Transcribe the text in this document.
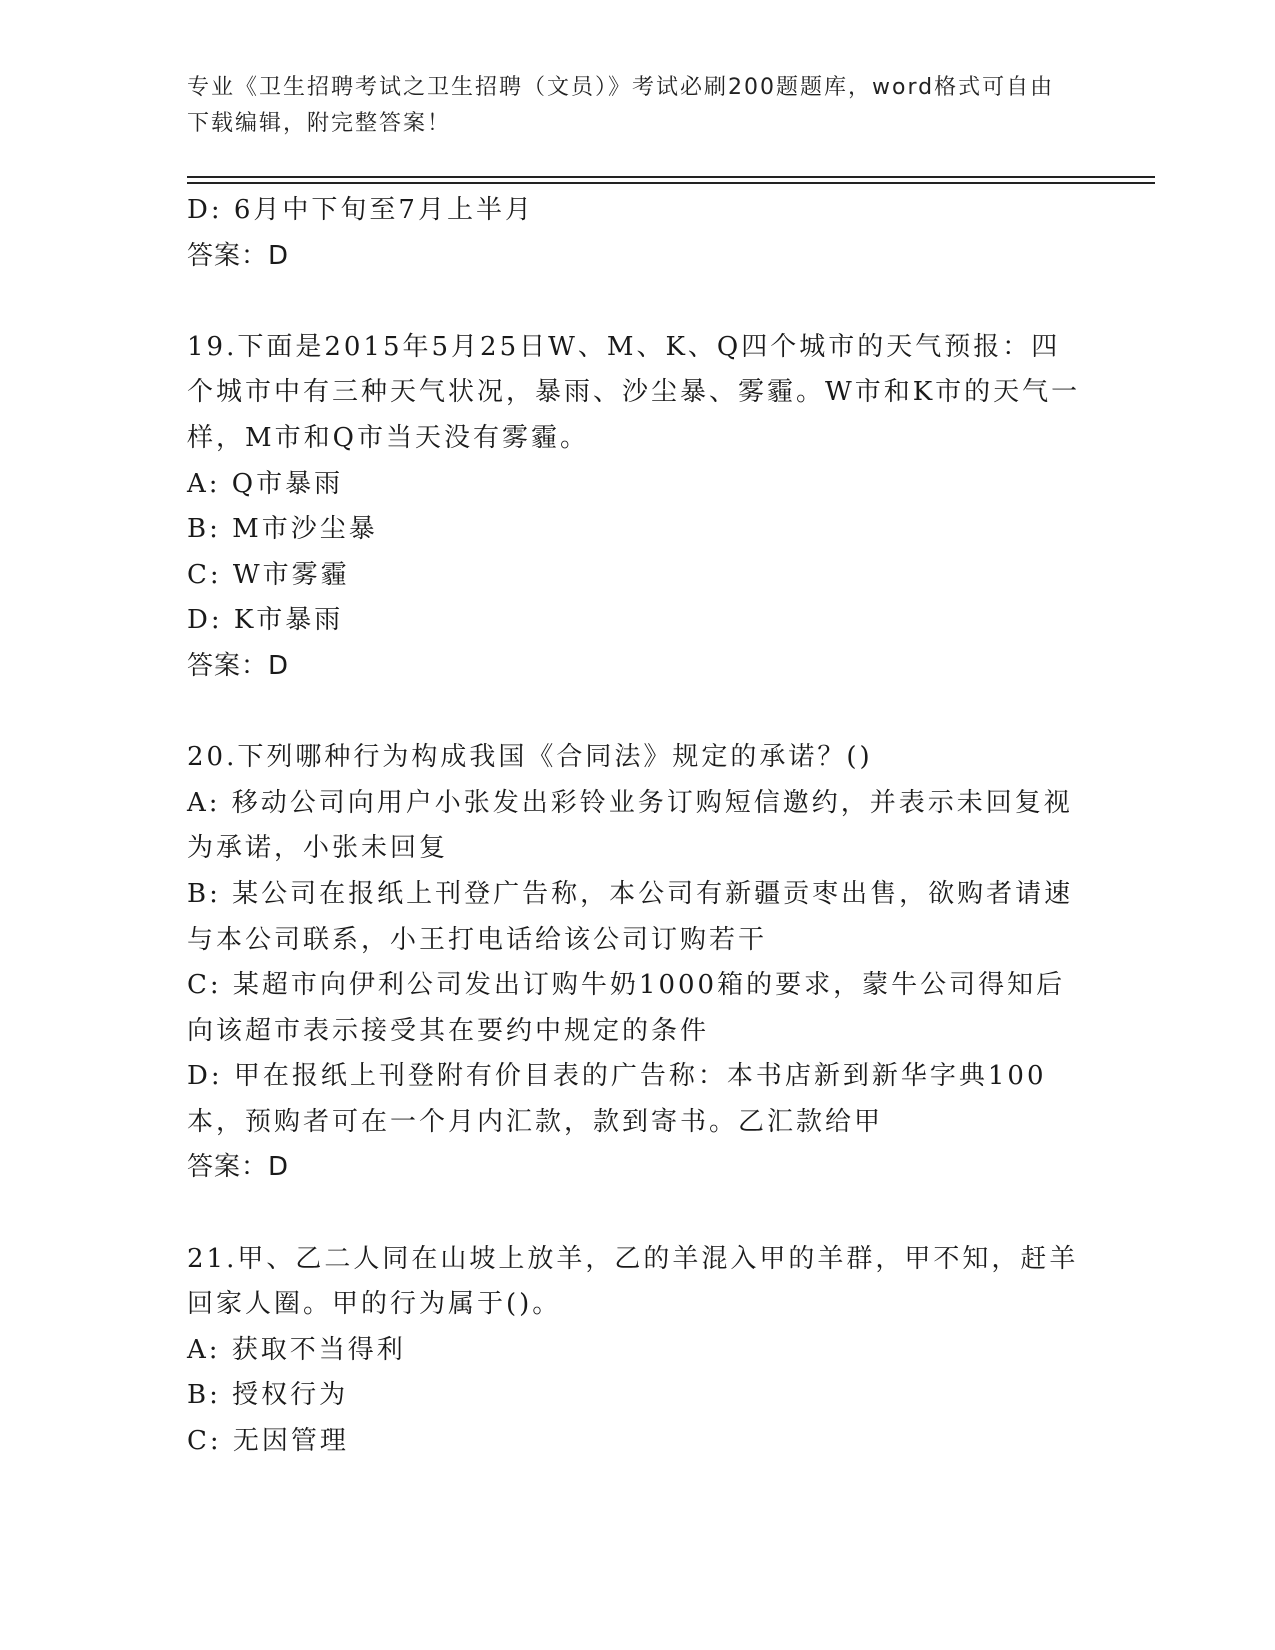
专业《卫生招聘考试之卫生招聘（文员）》考试必刷200题题库，word格式可自由下载编辑，附完整答案！

D: 6月中下旬至7月上半月

答案：D

19.下面是2015年5月25日W、M、K、Q四个城市的天气预报：四个城市中有三种天气状况，暴雨、沙尘暴、雾霾。W市和K市的天气一样，M市和Q市当天没有雾霾。

A: Q市暴雨

B: M市沙尘暴

C: W市雾霾

D: K市暴雨

答案：D

20.下列哪种行为构成我国《合同法》规定的承诺？()

A: 移动公司向用户小张发出彩铃业务订购短信邀约，并表示未回复视为承诺，小张未回复

B: 某公司在报纸上刊登广告称，本公司有新疆贡枣出售，欲购者请速与本公司联系，小王打电话给该公司订购若干

C: 某超市向伊利公司发出订购牛奶1000箱的要求，蒙牛公司得知后向该超市表示接受其在要约中规定的条件

D: 甲在报纸上刊登附有价目表的广告称：本书店新到新华字典100本，预购者可在一个月内汇款，款到寄书。乙汇款给甲

答案：D

21.甲、乙二人同在山坡上放羊，乙的羊混入甲的羊群，甲不知，赶羊回家人圈。甲的行为属于()。

A: 获取不当得利

B: 授权行为

C: 无因管理
